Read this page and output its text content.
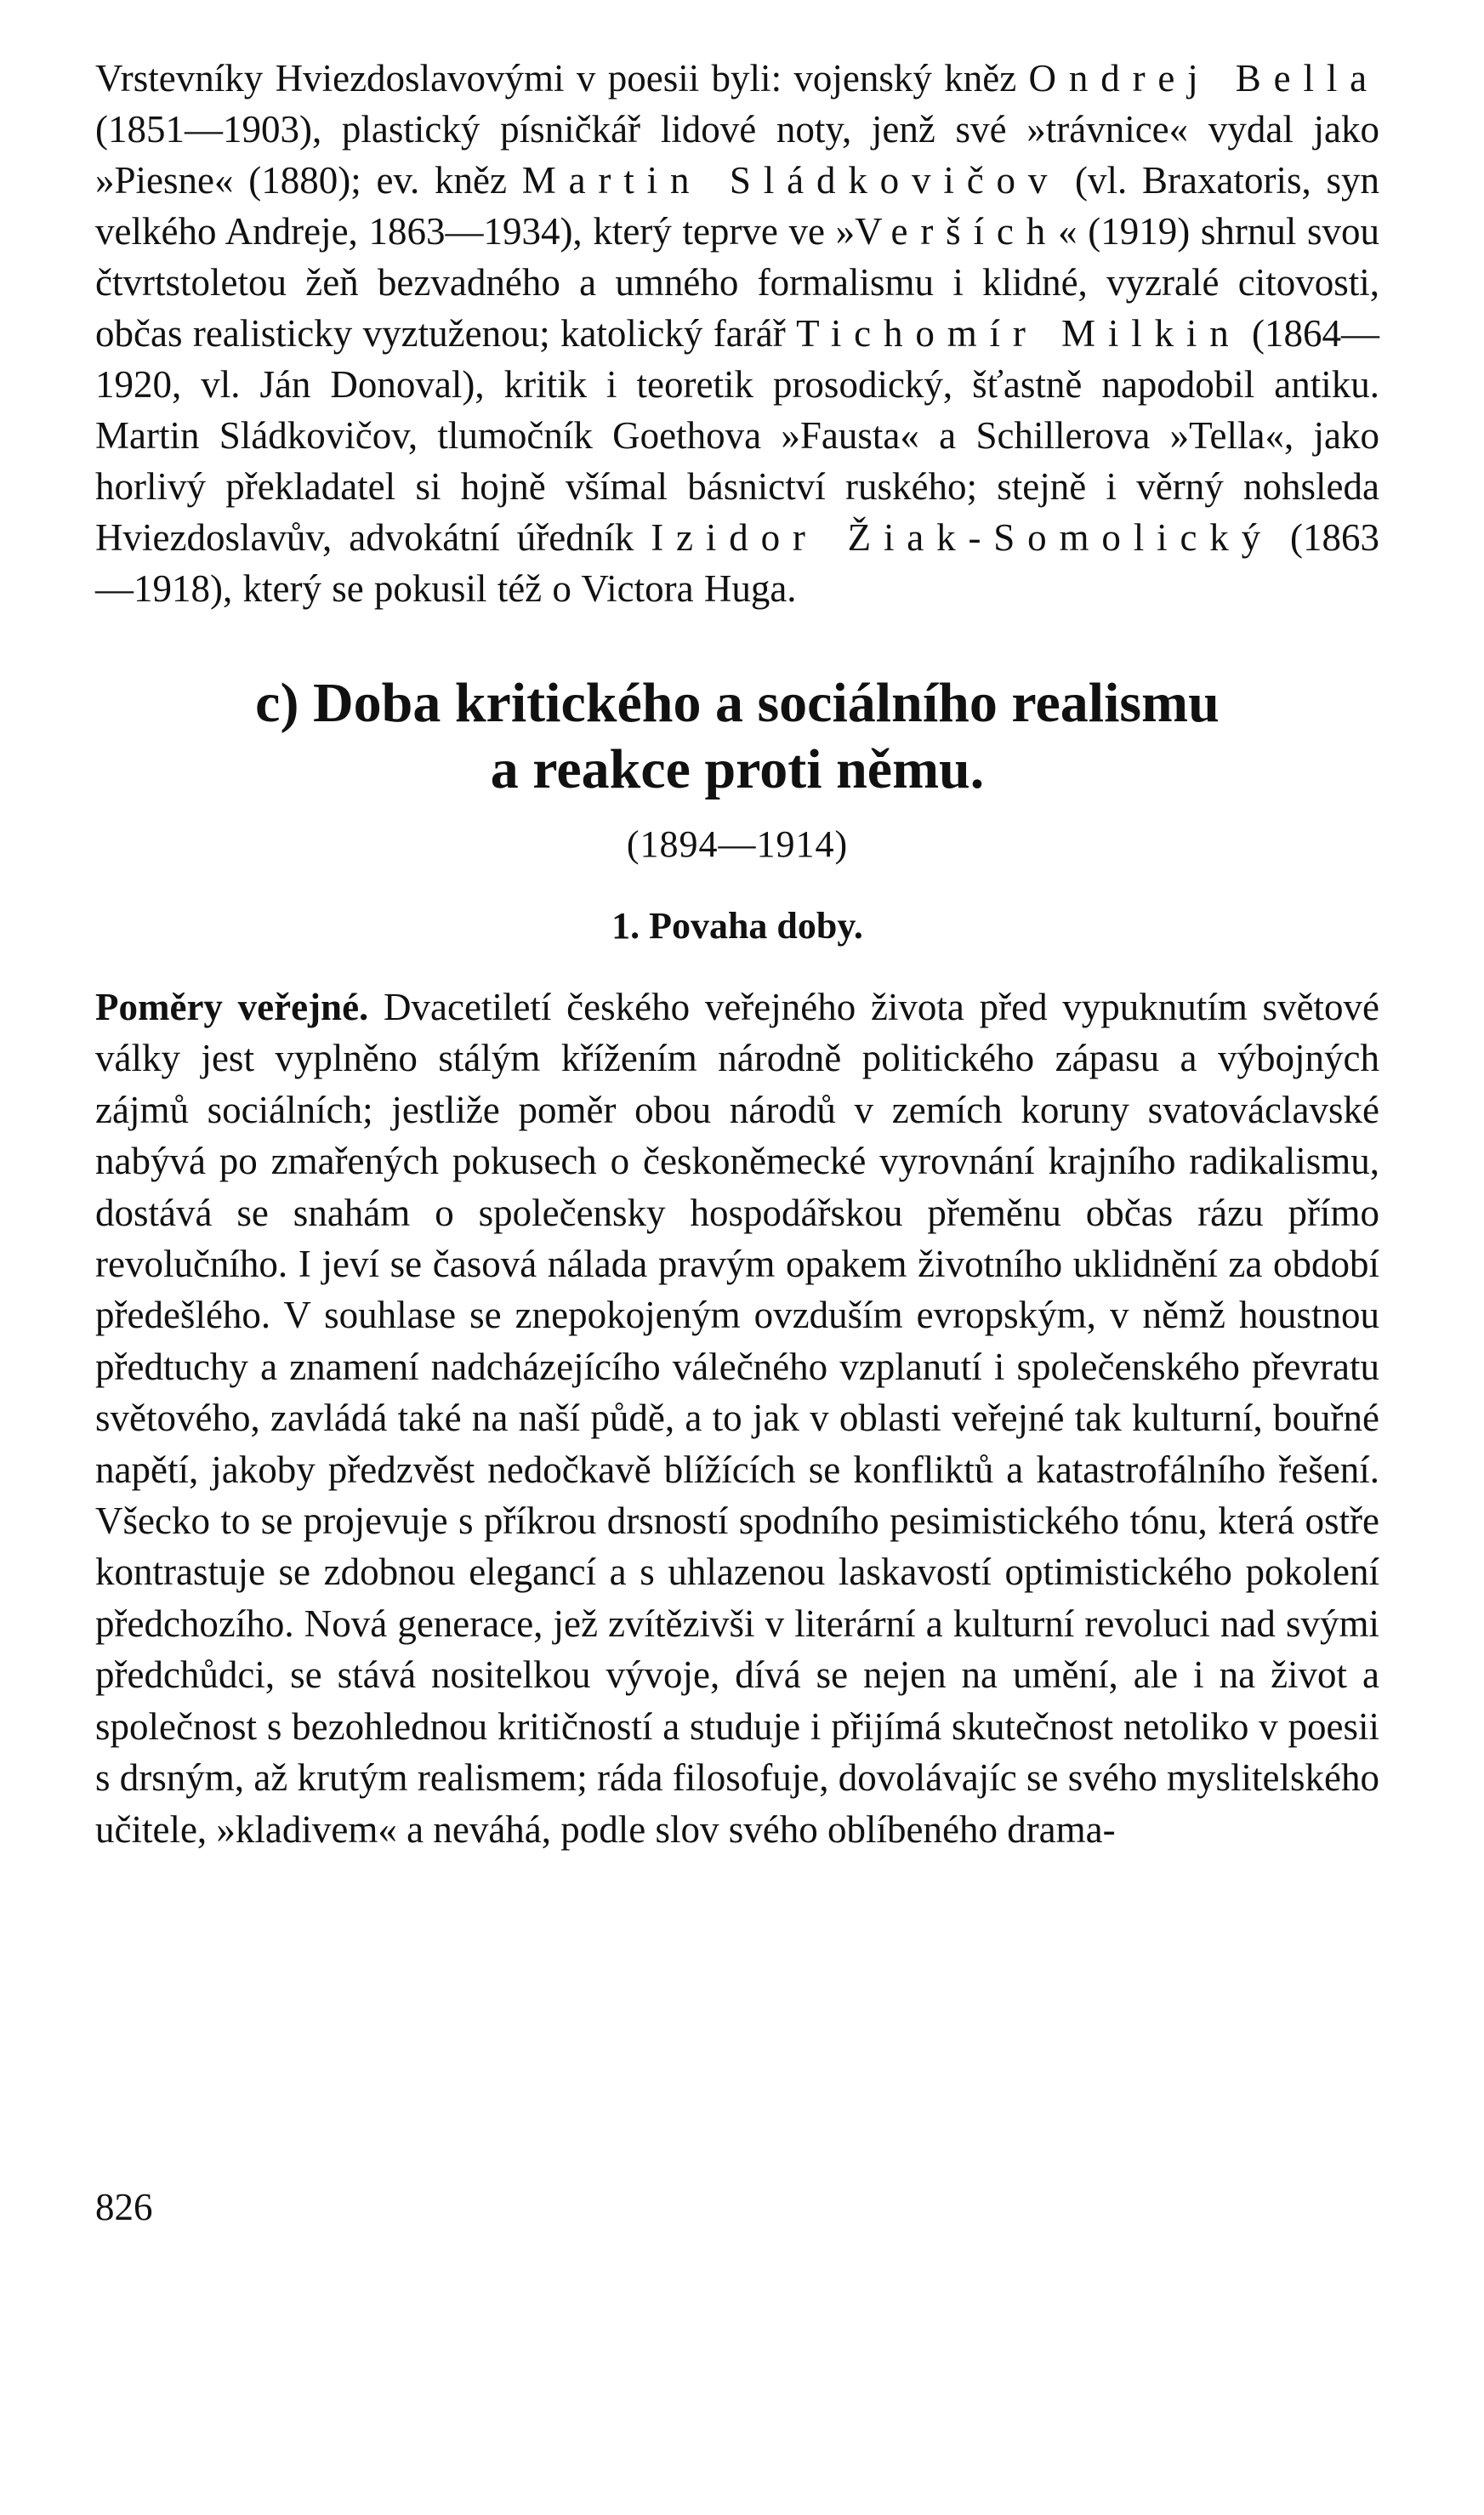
Vrstevníky Hviezdoslavovými v poesii byli: vojenský kněz Ondrej Bella (1851—1903), plastický písničkář lidové noty, jenž své »trávnice« vydal jako »Piesne« (1880); ev. kněz Martin Sládkovičov (vl. Braxatoris, syn velkého Andreje, 1863—1934), který teprve ve »Verších« (1919) shrnul svou čtvrtstoletou žeň bezvadného a umného formalismu i klidné, vyzralé citovosti, občas realisticky vyztuženou; katolický farář Tichomír Milkin (1864—1920, vl. Ján Donoval), kritik i teoretik prosodický, šťastně napodobil antiku. Martin Sládkovičov, tlumočník Goethova »Fausta« a Schillerova »Tella«, jako horlivý překladatel si hojně všímal básnictví ruského; stejně i věrný nohsleda Hviezdoslavův, advokátní úředník Izidor Žiak-Somolický (1863—1918), který se pokusil též o Victora Huga.
c) Doba kritického a sociálního realismu
a reakce proti němu.
(1894—1914)
1. Povaha doby.
Poměry veřejné. Dvacetiletí českého veřejného života před vypuknutím světové války jest vyplněno stálým křížením národně politického zápasu a výbojných zájmů sociálních; jestliže poměr obou národů v zemích koruny svatováclavské nabývá po zmařených pokusech o českoněmecké vyrovnání krajního radikalismu, dostává se snahám o společensky hospodářskou přeměnu občas rázu přímo revolučního. I jeví se časová nálada pravým opakem životního uklidnění za období předešlého. V souhlase se znepokojeným ovzduším evropským, v němž houstnou předtuchy a znamení nadcházejícího válečného vzplanutí i společenského převratu světového, zavládá také na naší půdě, a to jak v oblasti veřejné tak kulturní, bouřné napětí, jakoby předzvěst nedočkavě blížících se konfliktů a katastrofálního řešení. Všecko to se projevuje s příkrou drsností spodního pesimistického tónu, která ostře kontrastuje se zdobnou elegancí a s uhlazenou laskavostí optimistického pokolení předchozího. Nová generace, jež zvítězivši v literární a kulturní revoluci nad svými předchůdci, se stává nositelkou vývoje, dívá se nejen na umění, ale i na život a společnost s bezohlednou kritičností a studuje i přijímá skutečnost netoliko v poesii s drsným, až krutým realismem; ráda filosofuje, dovolávajíc se svého myslitelského učitele, »kladivem« a neváhá, podle slov svého oblíbeného drama-
826
